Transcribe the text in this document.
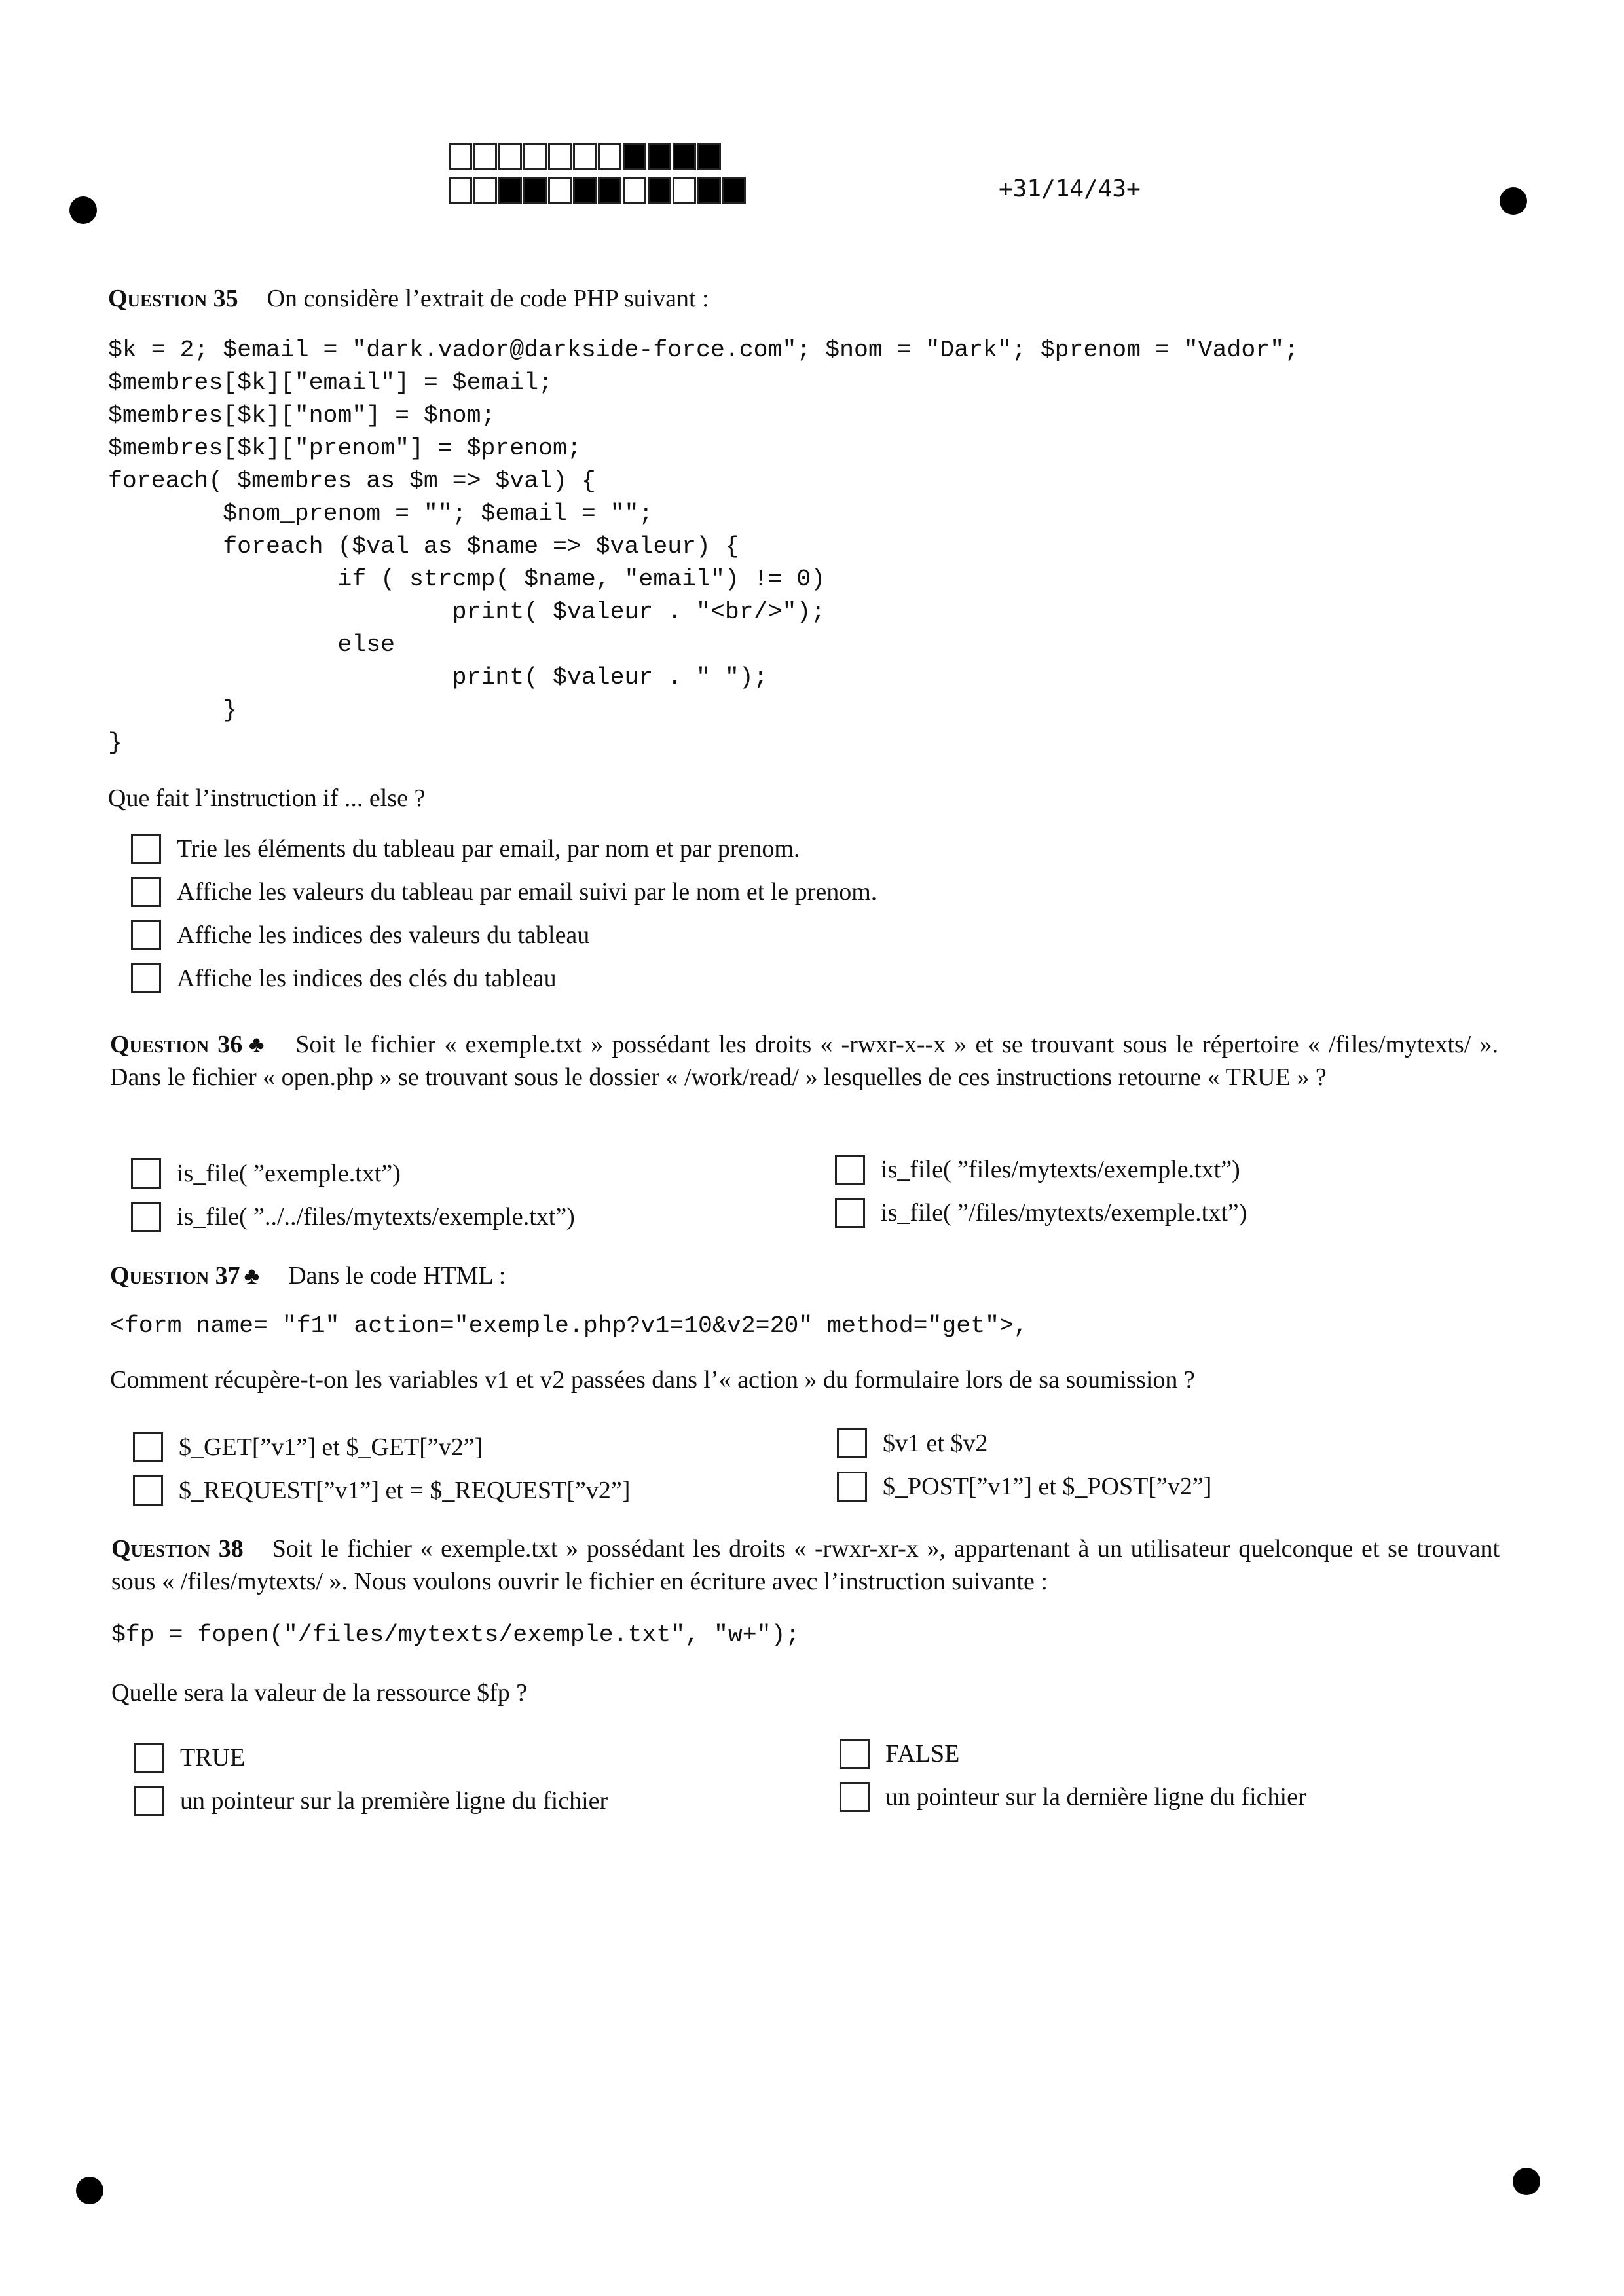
+31/14/43+
Question 35 On considère l’extrait de code PHP suivant :
$k = 2; $email = "dark.vador@darkside-force.com"; $nom = "Dark"; $prenom = "Vador";
$membres[$k]["email"] = $email;
$membres[$k]["nom"] = $nom;
$membres[$k]["prenom"] = $prenom;
foreach( $membres as $m => $val) {
$nom_prenom = ""; $email = "";
foreach ($val as $name => $valeur) {
if ( strcmp( $name, "email") != 0)
print( $valeur . "<br/>");
else
print( $valeur . " ");
}
}
Que fait l’instruction if ... else ?
Trie les éléments du tableau par email, par nom et par prenom.
Affiche les valeurs du tableau par email suivi par le nom et le prenom.
Affiche les indices des valeurs du tableau
Affiche les indices des clés du tableau
Question 36 ♣ Soit le fichier « exemple.txt » possédant les droits « -rwxr-x--x » et se trouvant sous le répertoire « /files/mytexts/ ». Dans le fichier « open.php » se trouvant sous le dossier « /work/read/ » lesquelles de ces instructions retourne « TRUE » ?
is_file( ”exemple.txt”)	is_file( ”files/mytexts/exemple.txt”)
is_file( ”../../files/mytexts/exemple.txt”)	is_file( ”/files/mytexts/exemple.txt”)
Question 37 ♣ Dans le code HTML :
<form name= "f1" action="exemple.php?v1=10&v2=20" method="get">,
Comment récupère-t-on les variables v1 et v2 passées dans l’« action » du formulaire lors de sa soumission ?
$_GET[”v1”] et $_GET[”v2”]	$v1 et $v2
$_REQUEST[”v1”] et = $_REQUEST[”v2”]	$_POST[”v1”] et $_POST[”v2”]
Question 38 Soit le fichier « exemple.txt » possédant les droits « -rwxr-xr-x », appartenant à un utilisateur quelconque et se trouvant sous « /files/mytexts/ ». Nous voulons ouvrir le fichier en écriture avec l’instruction suivante :
$fp = fopen("/files/mytexts/exemple.txt", "w+");
Quelle sera la valeur de la ressource $fp ?
TRUE	FALSE
un pointeur sur la première ligne du fichier	un pointeur sur la dernière ligne du fichier
